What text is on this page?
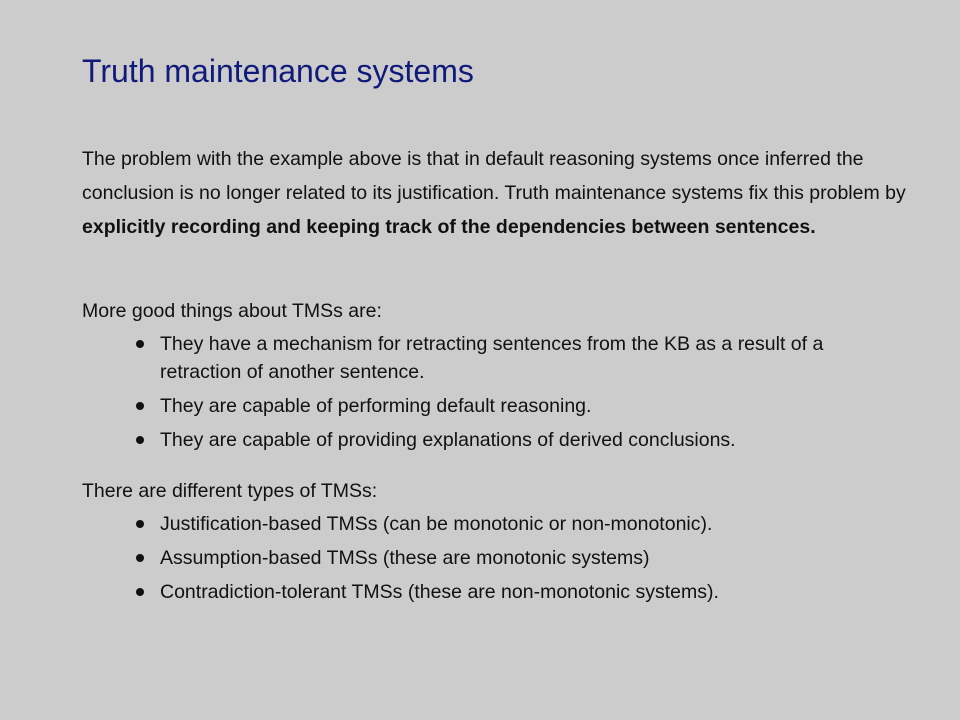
Truth maintenance systems

The problem with the example above is that in default reasoning systems once inferred the conclusion is no longer related to its justification. Truth maintenance systems fix this problem by explicitly recording and keeping track of the dependencies between sentences.

More good things about TMSs are:

They have a mechanism for retracting sentences from the KB as a result of a retraction of another sentence.
They are capable of performing default reasoning.
They are capable of providing explanations of derived conclusions.

There are different types of TMSs:

Justification-based TMSs (can be monotonic or non-monotonic).
Assumption-based TMSs (these are monotonic systems)
Contradiction-tolerant TMSs (these are non-monotonic systems).
